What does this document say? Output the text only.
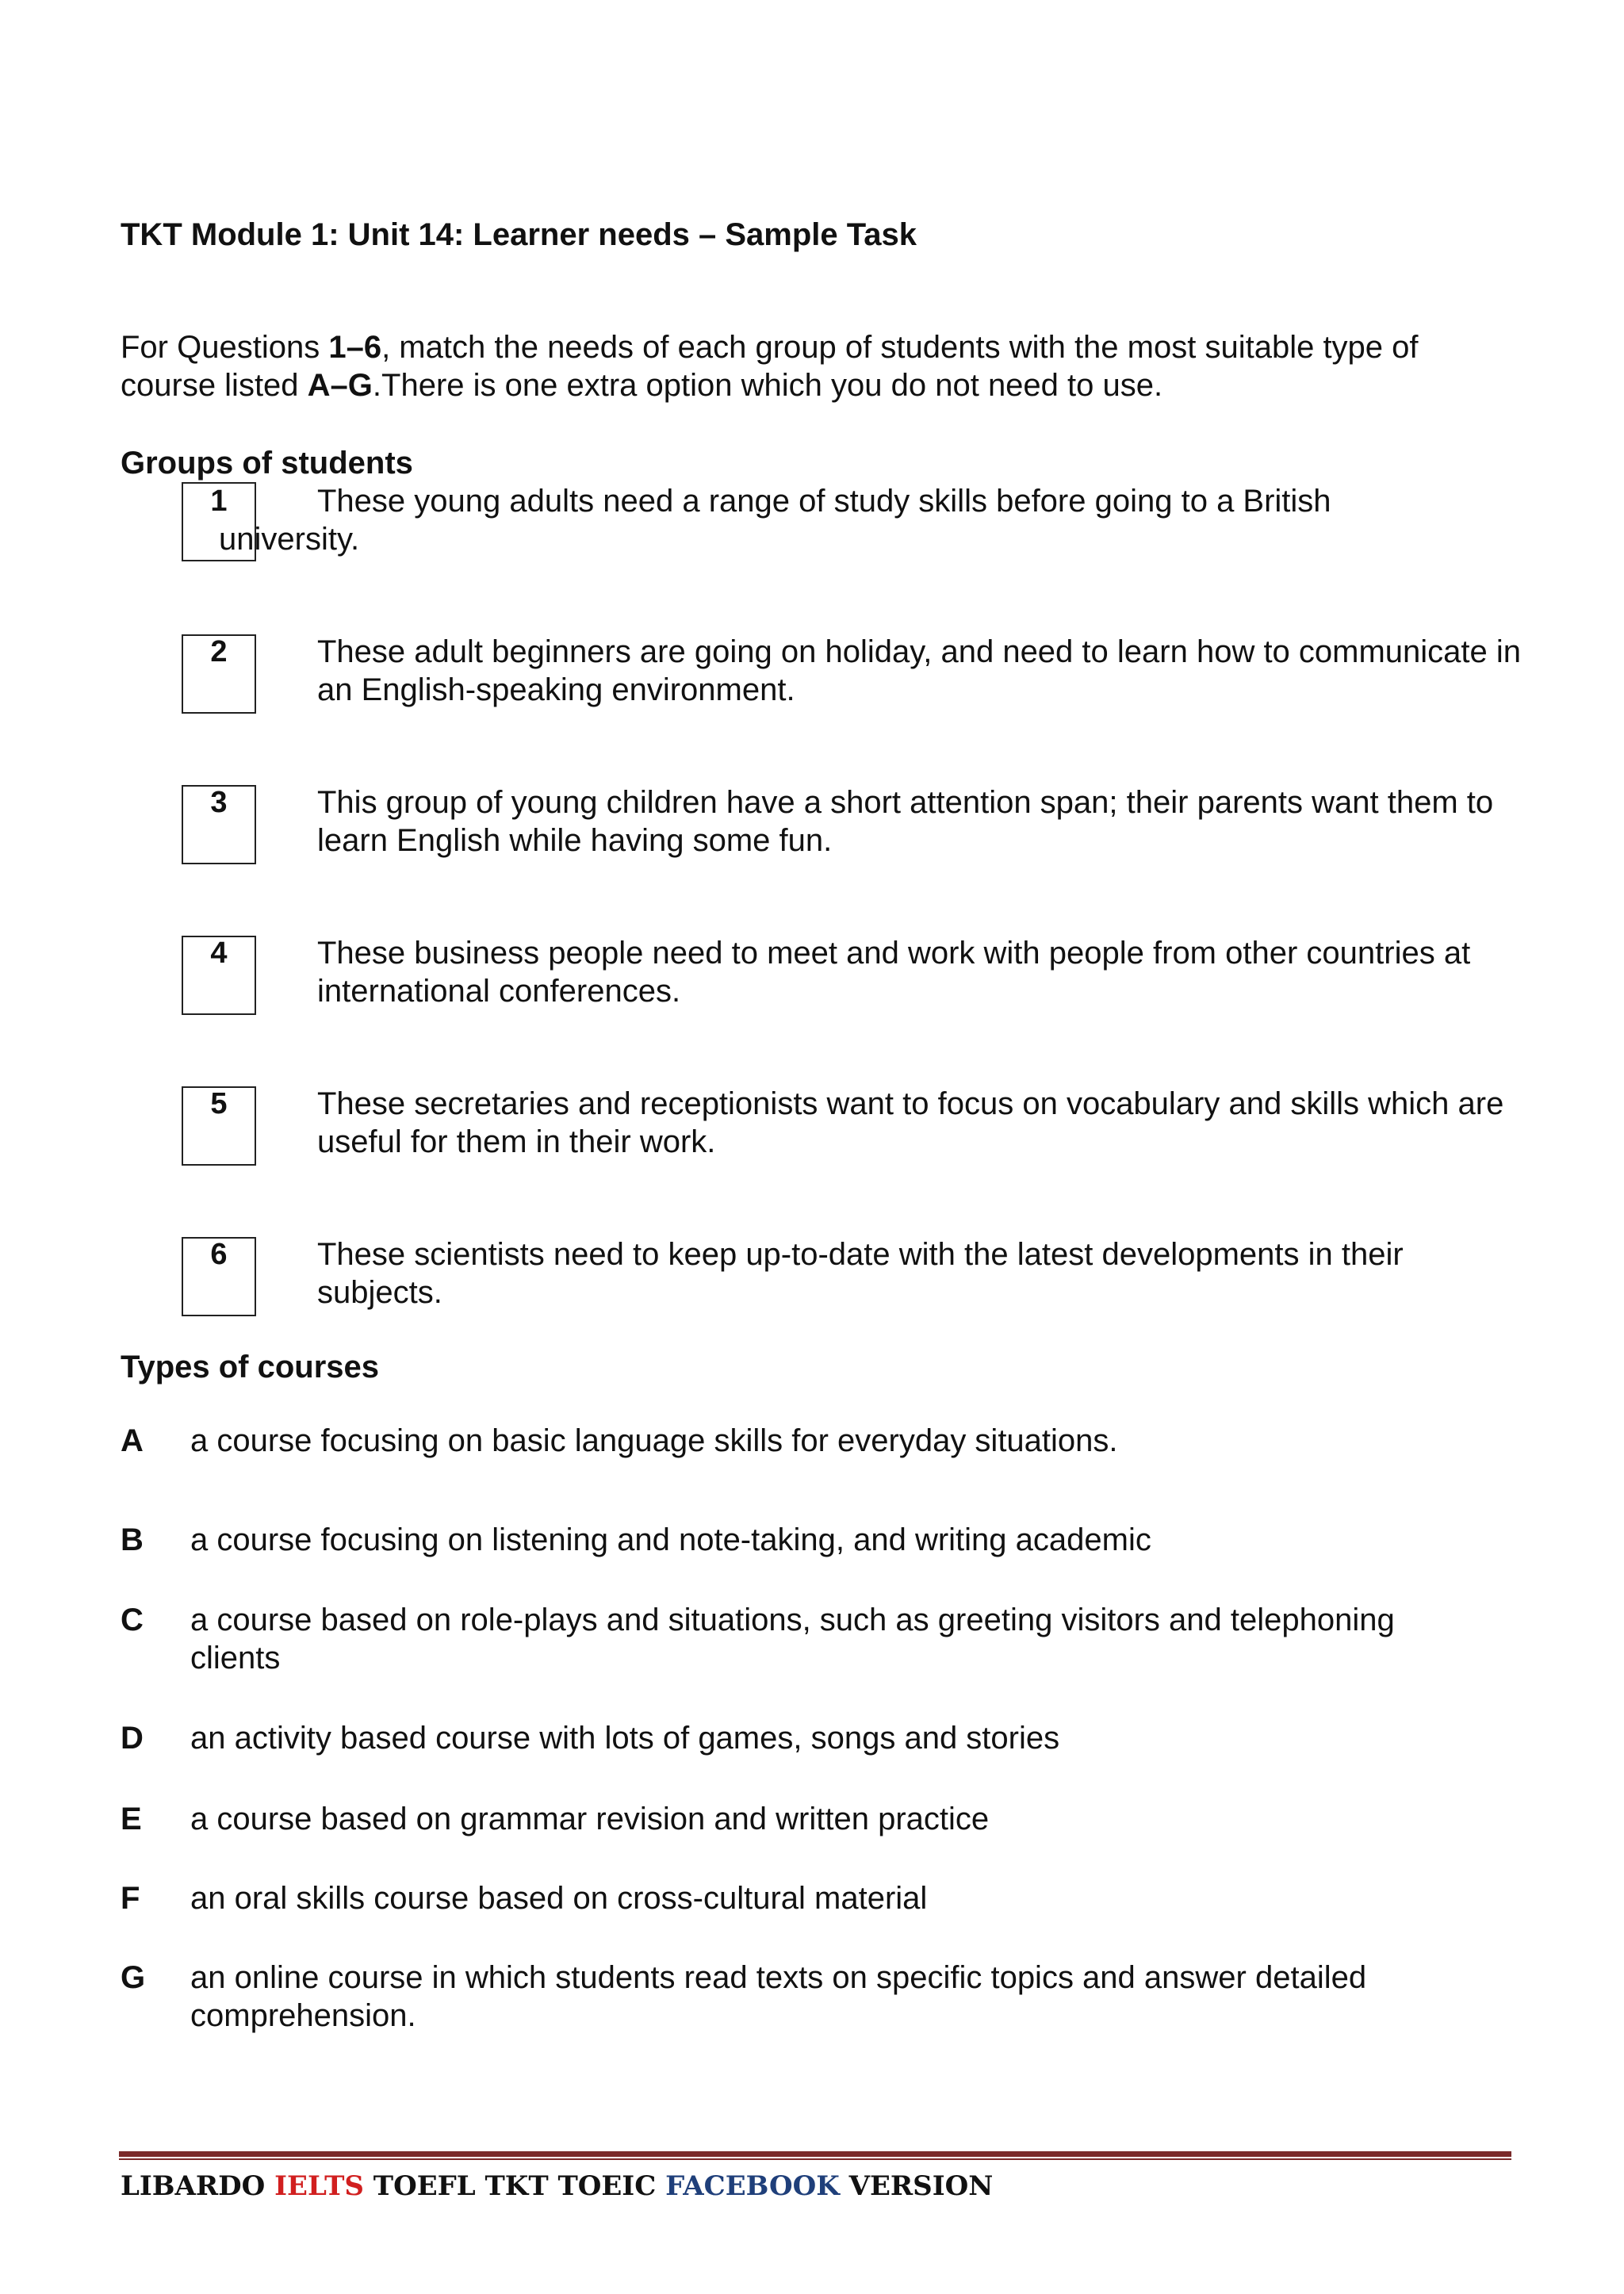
TKT Module 1: Unit 14: Learner needs – Sample Task
For Questions 1–6, match the needs of each group of students with the most suitable type of course listed A–G.There is one extra option which you do not need to use.
Groups of students
1	These young adults need a range of study skills before going to a British
university.
2	These adult beginners are going on holiday, and need to learn how to communicate in an English-speaking environment.
3	This group of young children have a short attention span; their parents want them to learn English while having some fun.
4	These business people need to meet and work with people from other countries at international conferences.
5	These secretaries and receptionists want to focus on vocabulary and skills which are useful for them in their work.
6	These scientists need to keep up-to-date with the latest developments in their subjects.
Types of courses
A a course focusing on basic language skills for everyday situations.
B a course focusing on listening and note-taking, and writing academic
C a course based on role-plays and situations, such as greeting visitors and telephoning clients
D an activity based course with lots of games, songs and stories
E a course based on grammar revision and written practice
F an oral skills course based on cross-cultural material
G an online course in which students read texts on specific topics and answer detailed comprehension.
LIBARDO IELTS TOEFL TKT TOEIC FACEBOOK VERSION
